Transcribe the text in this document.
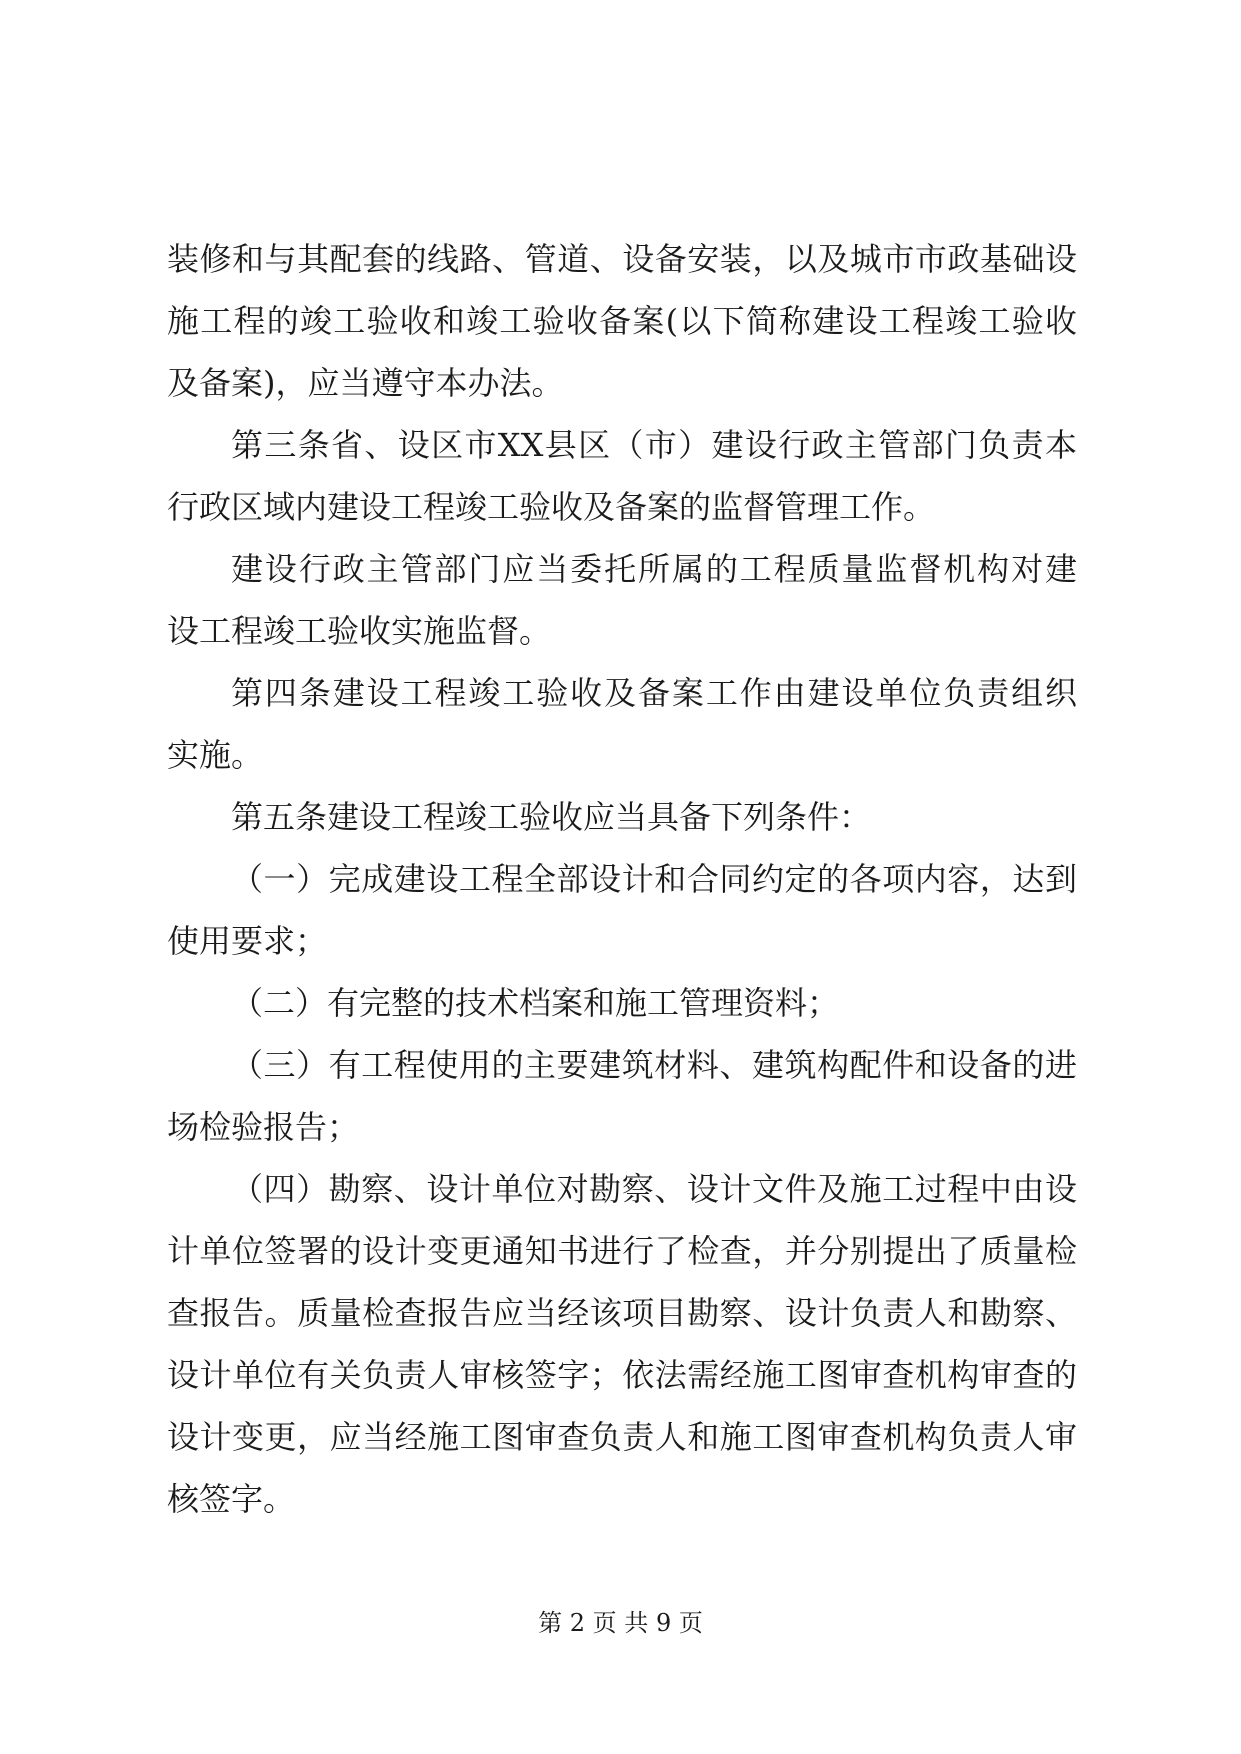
装修和与其配套的线路、管道、设备安装，以及城市市政基础设
施工程的竣工验收和竣工验收备案(以下简称建设工程竣工验收
及备案)，应当遵守本办法。
第三条省、设区市XX县区（市）建设行政主管部门负责本
行政区域内建设工程竣工验收及备案的监督管理工作。
建设行政主管部门应当委托所属的工程质量监督机构对建
设工程竣工验收实施监督。
第四条建设工程竣工验收及备案工作由建设单位负责组织
实施。
第五条建设工程竣工验收应当具备下列条件：
（一）完成建设工程全部设计和合同约定的各项内容，达到
使用要求；
（二）有完整的技术档案和施工管理资料；
（三）有工程使用的主要建筑材料、建筑构配件和设备的进
场检验报告；
（四）勘察、设计单位对勘察、设计文件及施工过程中由设
计单位签署的设计变更通知书进行了检查，并分别提出了质量检
查报告。质量检查报告应当经该项目勘察、设计负责人和勘察、
设计单位有关负责人审核签字；依法需经施工图审查机构审查的
设计变更，应当经施工图审查负责人和施工图审查机构负责人审
核签字。
第 2 页 共 9 页
